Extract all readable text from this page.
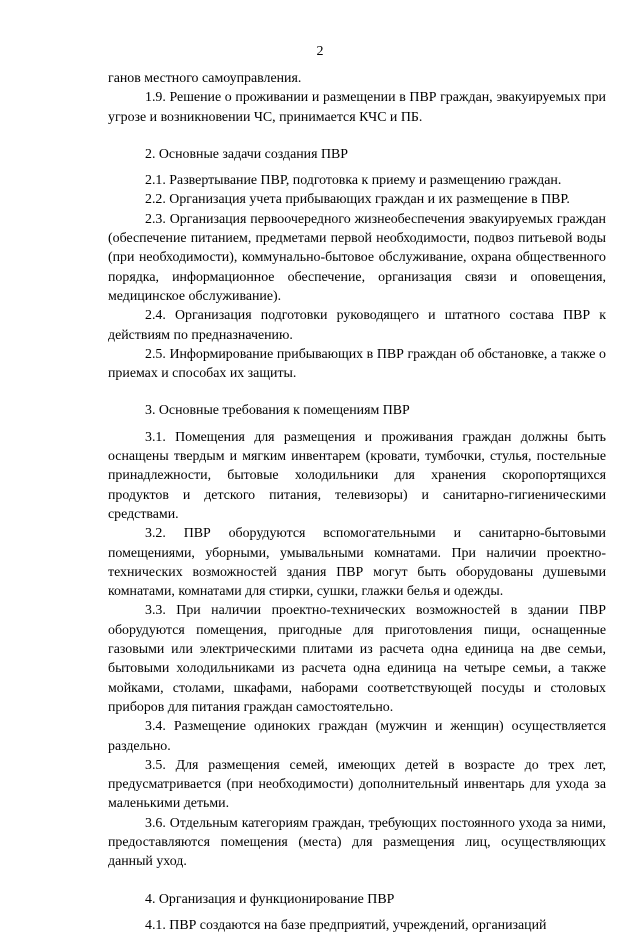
2

ганов местного самоуправления.

1.9. Решение о проживании и размещении в ПВР граждан, эвакуируемых при угрозе и возникновении ЧС, принимается КЧС и ПБ.

2. Основные задачи создания ПВР

2.1. Развертывание ПВР, подготовка к приему и размещению граждан.

2.2. Организация учета прибывающих граждан и их размещение в ПВР.

2.3. Организация первоочередного жизнеобеспечения эвакуируемых граждан (обеспечение питанием, предметами первой необходимости, подвоз питьевой воды (при необходимости), коммунально-бытовое обслуживание, охрана общественного порядка, информационное обеспечение, организация связи и оповещения, медицинское обслуживание).

2.4. Организация подготовки руководящего и штатного состава ПВР к действиям по предназначению.

2.5. Информирование прибывающих в ПВР граждан об обстановке, а также о приемах и способах их защиты.

3. Основные требования к помещениям ПВР

3.1. Помещения для размещения и проживания граждан должны быть оснащены твердым и мягким инвентарем (кровати, тумбочки, стулья, постельные принадлежности, бытовые холодильники для хранения скоропортящихся продуктов и детского питания, телевизоры) и санитарно-гигиеническими средствами.

3.2. ПВР оборудуются вспомогательными и санитарно-бытовыми помещениями, уборными, умывальными комнатами. При наличии проектно-технических возможностей здания ПВР могут быть оборудованы душевыми комнатами, комнатами для стирки, сушки, глажки белья и одежды.

3.3. При наличии проектно-технических возможностей в здании ПВР оборудуются помещения, пригодные для приготовления пищи, оснащенные газовыми или электрическими плитами из расчета одна единица на две семьи, бытовыми холодильниками из расчета одна единица на четыре семьи, а также мойками, столами, шкафами, наборами соответствующей посуды и столовых приборов для питания граждан самостоятельно.

3.4. Размещение одиноких граждан (мужчин и женщин) осуществляется раздельно.

3.5. Для размещения семей, имеющих детей в возрасте до трех лет, предусматривается (при необходимости) дополнительный инвентарь для ухода за маленькими детьми.

3.6. Отдельным категориям граждан, требующих постоянного ухода за ними, предоставляются помещения (места) для размещения лиц, осуществляющих данный уход.

4. Организация и функционирование ПВР

4.1. ПВР создаются на базе предприятий, учреждений, организаций
